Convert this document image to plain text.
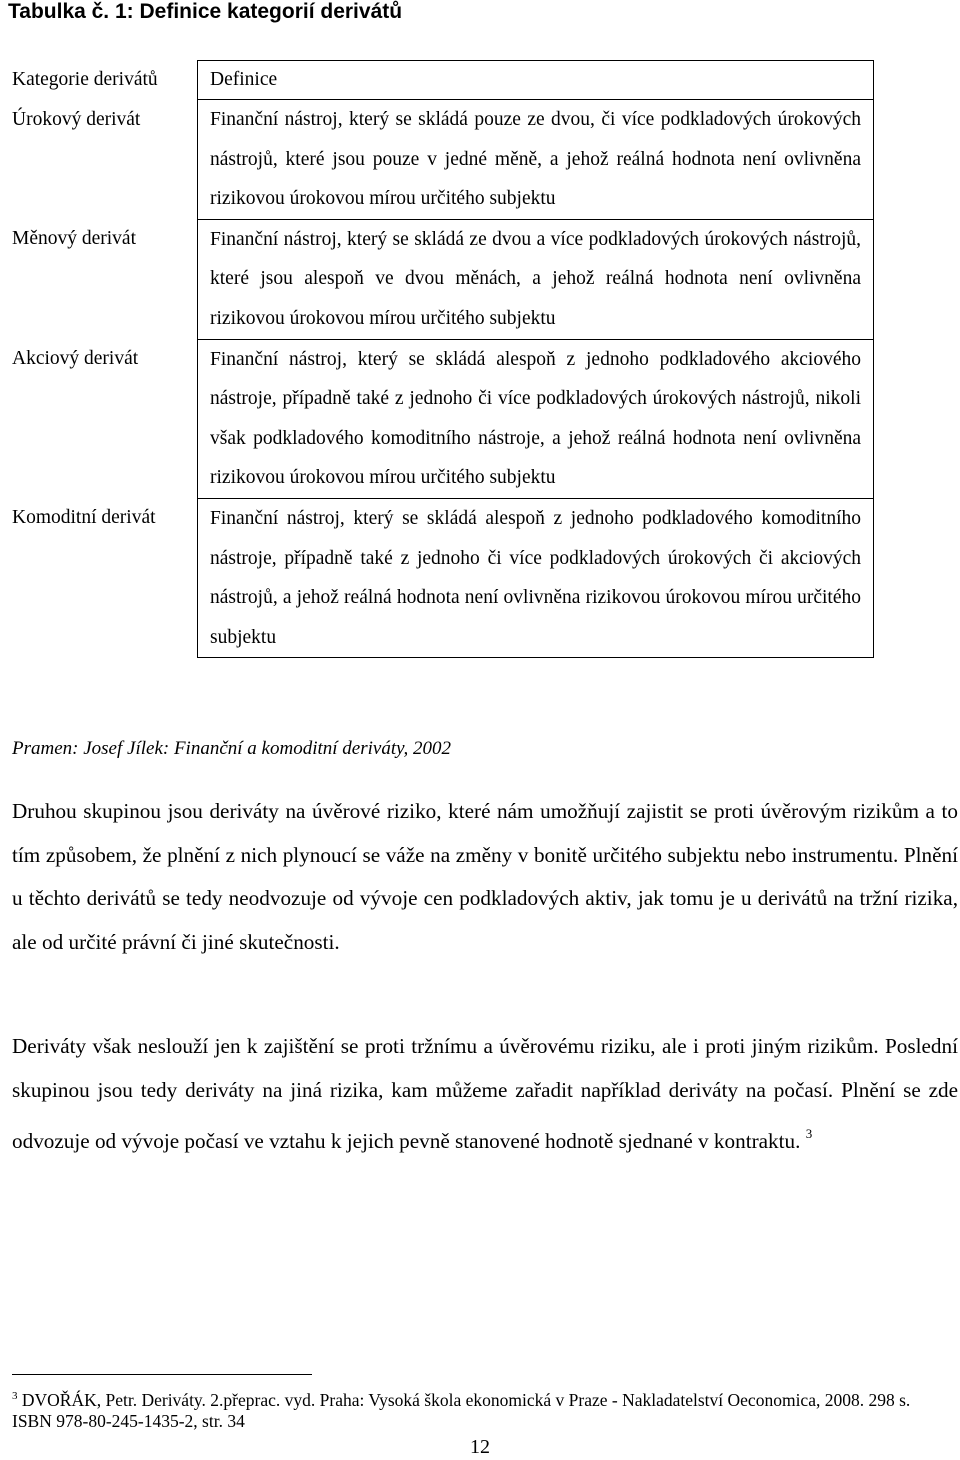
Tabulka č. 1: Definice kategorií derivátů
Kategorie derivátů	Definice
Úrokový derivát	Finanční nástroj, který se skládá pouze ze dvou, či více podkladových úrokových nástrojů, které jsou pouze v jedné měně, a jehož reálná hodnota není ovlivněna rizikovou úrokovou mírou určitého subjektu
Měnový derivát	Finanční nástroj, který se skládá ze dvou a více podkladových úrokových nástrojů, které jsou alespoň ve dvou měnách, a jehož reálná hodnota není ovlivněna rizikovou úrokovou mírou určitého subjektu
Akciový derivát	Finanční nástroj, který se skládá alespoň z jednoho podkladového akciového nástroje, případně také z jednoho či více podkladových úrokových nástrojů, nikoli však podkladového komoditního nástroje, a jehož reálná hodnota není ovlivněna rizikovou úrokovou mírou určitého subjektu
Komoditní derivát	Finanční nástroj, který se skládá alespoň z jednoho podkladového komoditního nástroje, případně také z jednoho či více podkladových úrokových či akciových nástrojů, a jehož reálná hodnota není ovlivněna rizikovou úrokovou mírou určitého subjektu
Pramen: Josef Jílek: Finanční a komoditní deriváty, 2002

Druhou skupinou jsou deriváty na úvěrové riziko, které nám umožňují zajistit se proti úvěrovým rizikům a to tím způsobem, že plnění z nich plynoucí se váže na změny v bonitě určitého subjektu nebo instrumentu. Plnění u těchto derivátů se tedy neodvozuje od vývoje cen podkladových aktiv, jak tomu je u derivátů na tržní rizika, ale od určité právní či jiné skutečnosti.

Deriváty však neslouží jen k zajištění se proti tržnímu a úvěrovému riziku, ale i proti jiným rizikům. Poslední skupinou jsou tedy deriváty na jiná rizika, kam můžeme zařadit například deriváty na počasí. Plnění se zde odvozuje od vývoje počasí ve vztahu k jejich pevně stanovené hodnotě sjednané v kontraktu. $^3$

$^3$ DVOŘÁK, Petr. Deriváty. 2.přeprac. vyd. Praha: Vysoká škola ekonomická v Praze - Nakladatelství Oeconomica, 2008. 298 s. ISBN 978-80-245-1435-2, str. 34
12
